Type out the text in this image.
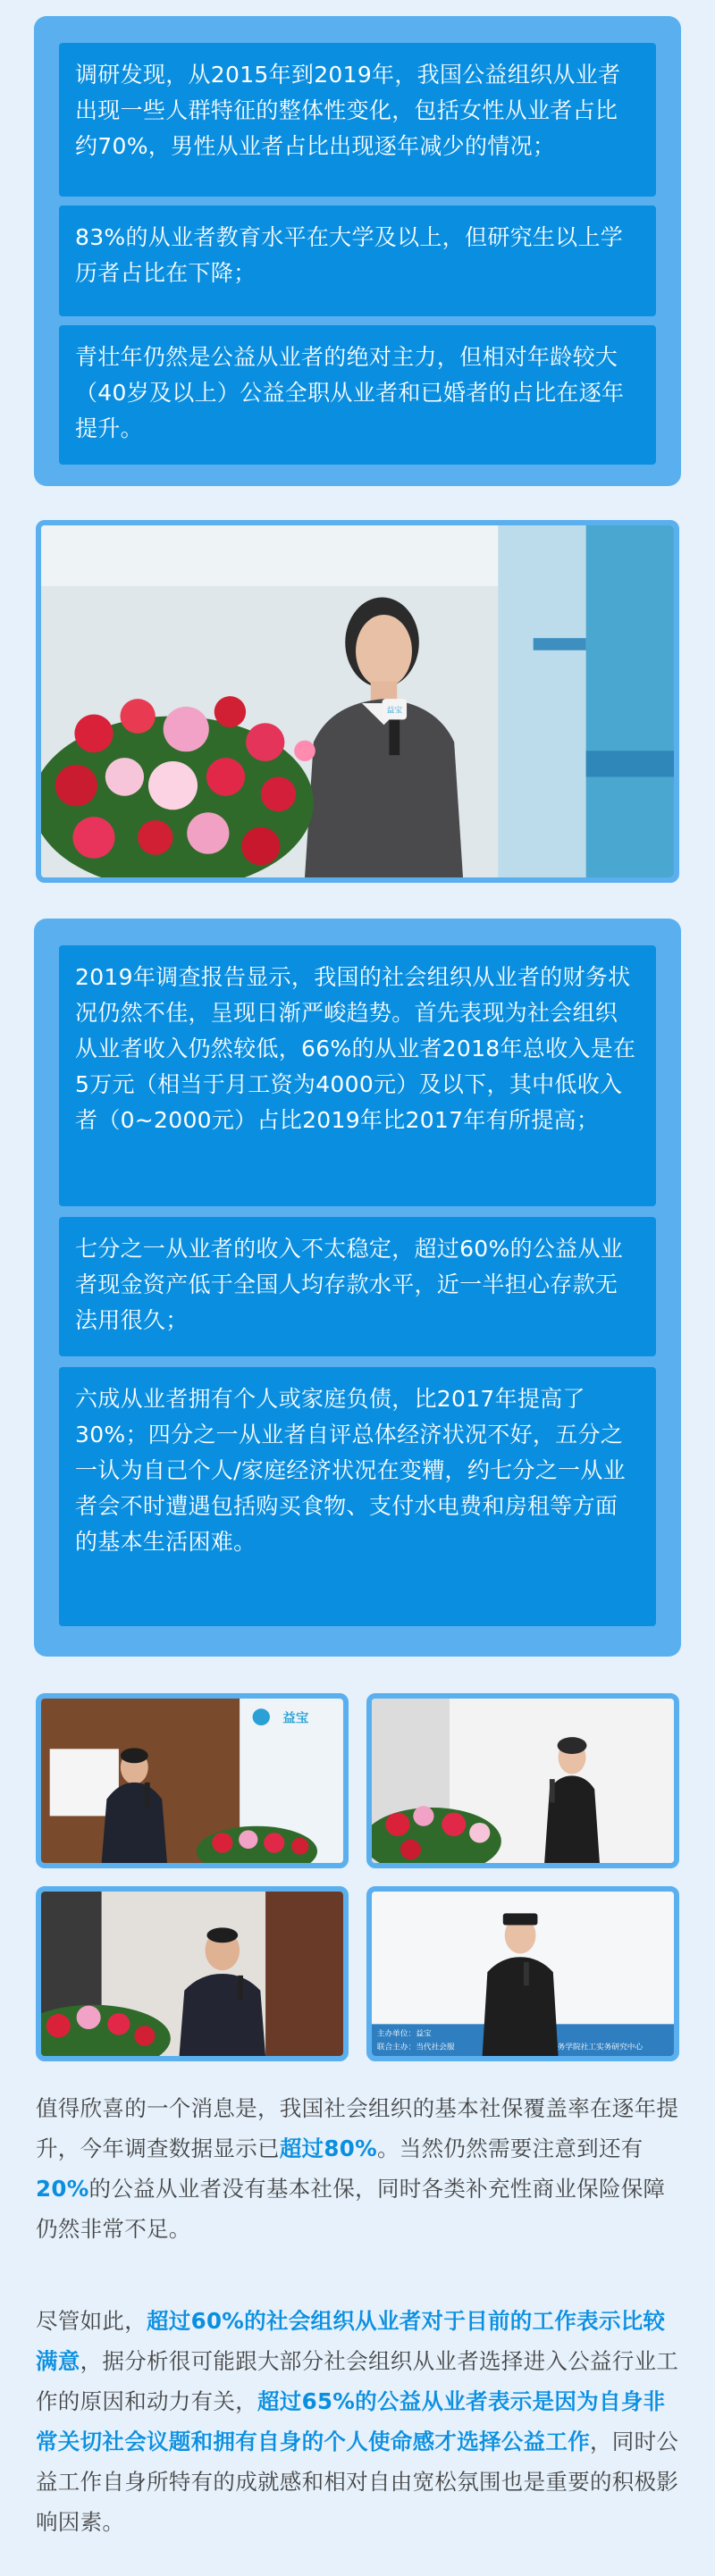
调研发现，从2015年到2019年，我国公益组织从业者出现一些人群特征的整体性变化，包括女性从业者占比约70%，男性从业者占比出现逐年减少的情况；
83%的从业者教育水平在大学及以上，但研究生以上学历者占比在下降；
青壮年仍然是公益从业者的绝对主力，但相对年龄较大（40岁及以上）公益全职从业者和已婚者的占比在逐年提升。
益宝
2019年调查报告显示，我国的社会组织从业者的财务状况仍然不佳，呈现日渐严峻趋势。首先表现为社会组织从业者收入仍然较低，66%的从业者2018年总收入是在5万元（相当于月工资为4000元）及以下，其中低收入者（0~2000元）占比2019年比2017年有所提高；
七分之一从业者的收入不太稳定，超过60%的公益从业者现金资产低于全国人均存款水平，近一半担心存款无法用很久；
六成从业者拥有个人或家庭负债，比2017年提高了30%；四分之一从业者自评总体经济状况不好，五分之一认为自己个人/家庭经济状况在变糟，约七分之一从业者会不时遭遇包括购买食物、支付水电费和房租等方面的基本生活困难。
益宝
主办单位：益宝
联合主办：当代社会服	务学院社工实务研究中心
值得欣喜的一个消息是，我国社会组织的基本社保覆盖率在逐年提升，今年调查数据显示已超过80%。当然仍然需要注意到还有20%的公益从业者没有基本社保，同时各类补充性商业保险保障仍然非常不足。
尽管如此，超过60%的社会组织从业者对于目前的工作表示比较满意，据分析很可能跟大部分社会组织从业者选择进入公益行业工作的原因和动力有关，超过65%的公益从业者表示是因为自身非常关切社会议题和拥有自身的个人使命感才选择公益工作，同时公益工作自身所特有的成就感和相对自由宽松氛围也是重要的积极影响因素。
